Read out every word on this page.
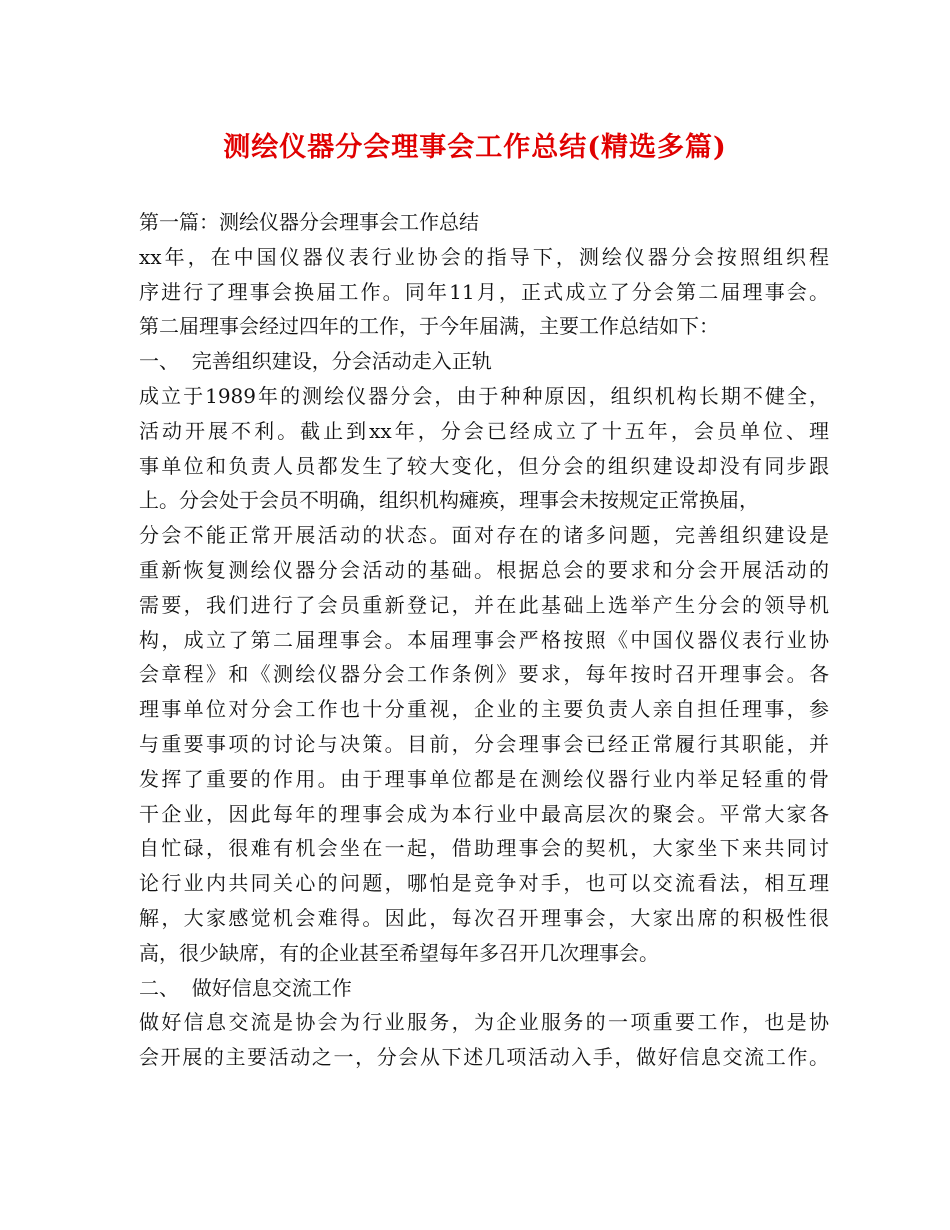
测绘仪器分会理事会工作总结(精选多篇)
第一篇：测绘仪器分会理事会工作总结
xx年，在中国仪器仪表行业协会的指导下，测绘仪器分会按照组织程
序进行了理事会换届工作。同年11月，正式成立了分会第二届理事会。
第二届理事会经过四年的工作，于今年届满，主要工作总结如下：
一、  完善组织建设，分会活动走入正轨
成立于1989年的测绘仪器分会，由于种种原因，组织机构长期不健全，
活动开展不利。截止到xx年，分会已经成立了十五年，会员单位、理
事单位和负责人员都发生了较大变化，但分会的组织建设却没有同步跟
上。分会处于会员不明确，组织机构瘫痪，理事会未按规定正常换届，
分会不能正常开展活动的状态。面对存在的诸多问题，完善组织建设是
重新恢复测绘仪器分会活动的基础。根据总会的要求和分会开展活动的
需要，我们进行了会员重新登记，并在此基础上选举产生分会的领导机
构，成立了第二届理事会。本届理事会严格按照《中国仪器仪表行业协
会章程》和《测绘仪器分会工作条例》要求，每年按时召开理事会。各
理事单位对分会工作也十分重视，企业的主要负责人亲自担任理事，参
与重要事项的讨论与决策。目前，分会理事会已经正常履行其职能，并
发挥了重要的作用。由于理事单位都是在测绘仪器行业内举足轻重的骨
干企业，因此每年的理事会成为本行业中最高层次的聚会。平常大家各
自忙碌，很难有机会坐在一起，借助理事会的契机，大家坐下来共同讨
论行业内共同关心的问题，哪怕是竞争对手，也可以交流看法，相互理
解，大家感觉机会难得。因此，每次召开理事会，大家出席的积极性很
高，很少缺席，有的企业甚至希望每年多召开几次理事会。
二、  做好信息交流工作
做好信息交流是协会为行业服务，为企业服务的一项重要工作，也是协
会开展的主要活动之一，分会从下述几项活动入手，做好信息交流工作。
